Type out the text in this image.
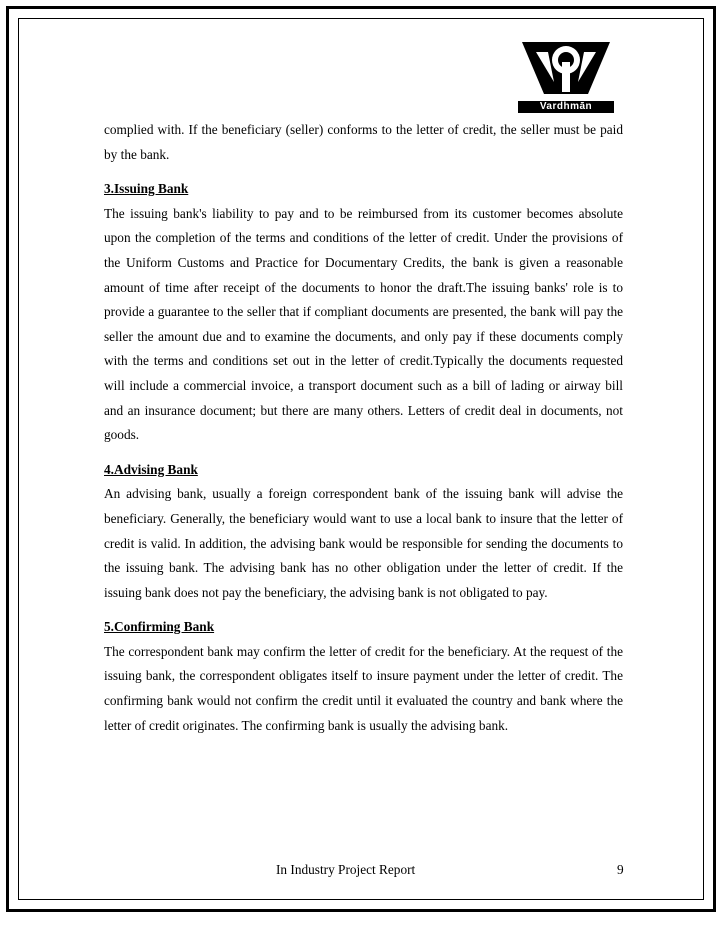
Vardhmān

complied with. If the beneficiary (seller) conforms to the letter of credit, the seller must be paid by the bank.

3.Issuing Bank

The issuing bank's liability to pay and to be reimbursed from its customer becomes absolute upon the completion of the terms and conditions of the letter of credit. Under the provisions of the Uniform Customs and Practice for Documentary Credits, the bank is given a reasonable amount of time after receipt of the documents to honor the draft.The issuing banks' role is to provide a guarantee to the seller that if compliant documents are presented, the bank will pay the seller the amount due and to examine the documents, and only pay if these documents comply with the terms and conditions set out in the letter of credit.Typically the documents requested will include a commercial invoice, a transport document such as a bill of lading or airway bill and an insurance document; but there are many others. Letters of credit deal in documents, not goods.

4.Advising Bank

An advising bank, usually a foreign correspondent bank of the issuing bank will advise the beneficiary. Generally, the beneficiary would want to use a local bank to insure that the letter of credit is valid. In addition, the advising bank would be responsible for sending the documents to the issuing bank. The advising bank has no other obligation under the letter of credit. If the issuing bank does not pay the beneficiary, the advising bank is not obligated to pay.

5.Confirming Bank

The correspondent bank may confirm the letter of credit for the beneficiary. At the request of the issuing bank, the correspondent obligates itself to insure payment under the letter of credit. The confirming bank would not confirm the credit until it evaluated the country and bank where the letter of credit originates. The confirming bank is usually the advising bank.

In Industry Project Report	9
